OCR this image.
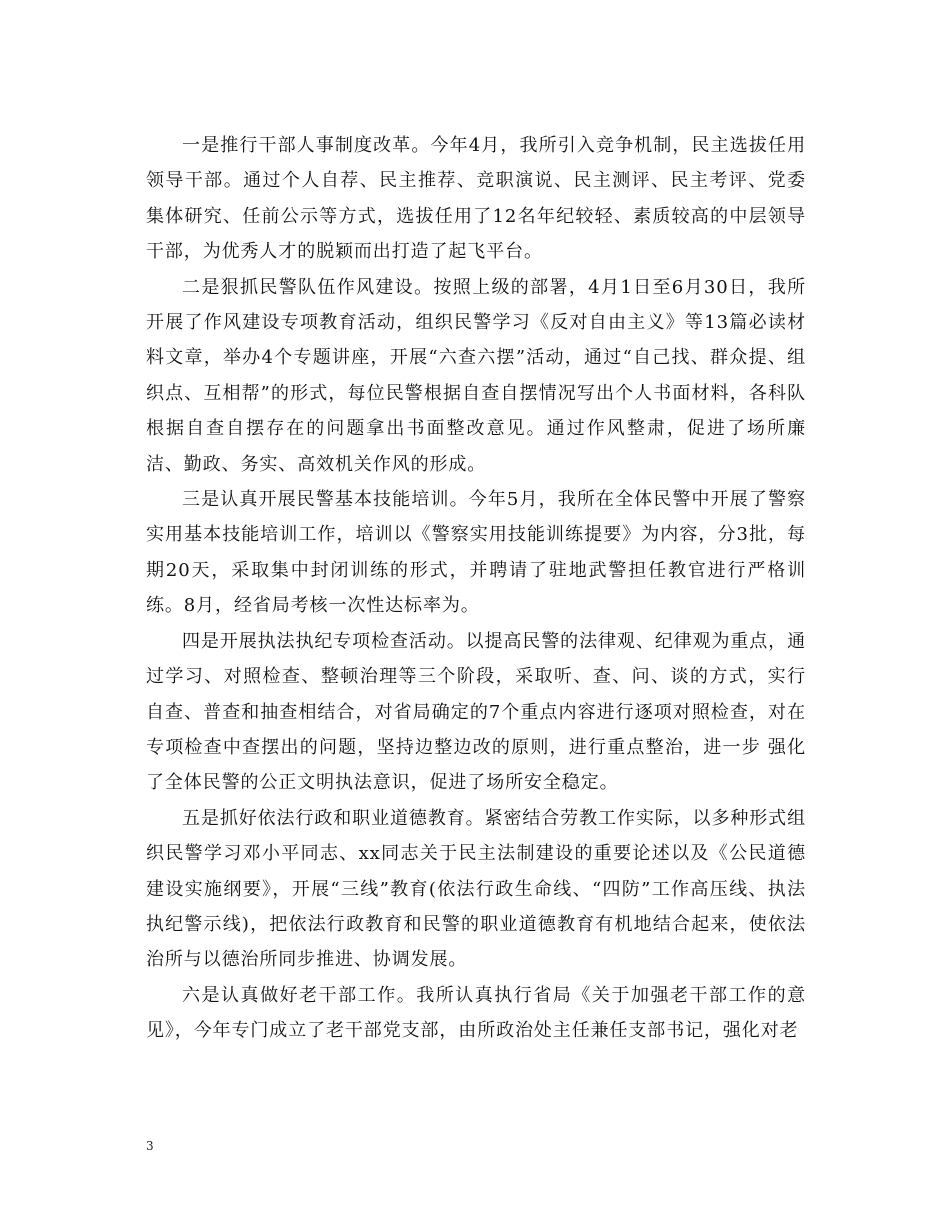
一是推行干部人事制度改革。今年4月，我所引入竞争机制，民主选拔任用领导干部。通过个人自荐、民主推荐、竞职演说、民主测评、民主考评、党委集体研究、任前公示等方式，选拔任用了12名年纪较轻、素质较高的中层领导干部，为优秀人才的脱颖而出打造了起飞平台。

二是狠抓民警队伍作风建设。按照上级的部署，4月1日至6月30日，我所开展了作风建设专项教育活动，组织民警学习《反对自由主义》等13篇必读材料文章，举办4个专题讲座，开展“六查六摆”活动，通过“自己找、群众提、组织点、互相帮”的形式，每位民警根据自查自摆情况写出个人书面材料，各科队根据自查自摆存在的问题拿出书面整改意见。通过作风整肃，促进了场所廉洁、勤政、务实、高效机关作风的形成。

三是认真开展民警基本技能培训。今年5月，我所在全体民警中开展了警察实用基本技能培训工作，培训以《警察实用技能训练提要》为内容，分3批，每期20天，采取集中封闭训练的形式，并聘请了驻地武警担任教官进行严格训练。8月，经省局考核一次性达标率为。

四是开展执法执纪专项检查活动。以提高民警的法律观、纪律观为重点，通过学习、对照检查、整顿治理等三个阶段，采取听、查、问、谈的方式，实行自查、普查和抽查相结合，对省局确定的7个重点内容进行逐项对照检查，对在专项检查中查摆出的问题，坚持边整边改的原则，进行重点整治，进一步 强化了全体民警的公正文明执法意识，促进了场所安全稳定。

五是抓好依法行政和职业道德教育。紧密结合劳教工作实际，以多种形式组织民警学习邓小平同志、xx同志关于民主法制建设的重要论述以及《公民道德建设实施纲要》，开展“三线”教育(依法行政生命线、“四防”工作高压线、执法执纪警示线)，把依法行政教育和民警的职业道德教育有机地结合起来，使依法治所与以德治所同步推进、协调发展。

六是认真做好老干部工作。我所认真执行省局《关于加强老干部工作的意见》，今年专门成立了老干部党支部，由所政治处主任兼任支部书记，强化对老

3
